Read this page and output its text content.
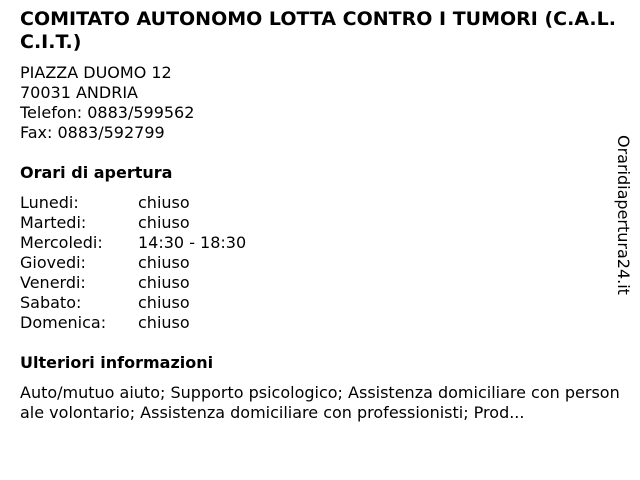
COMITATO AUTONOMO LOTTA CONTRO I TUMORI (C.A.L.C.I.T.)
PIAZZA DUOMO 12
70031 ANDRIA
Telefon: 0883/599562
Fax: 0883/592799
Orari di apertura
Lunedi:	chiuso
Martedi:	chiuso
Mercoledi:	14:30 - 18:30
Giovedi:	chiuso
Venerdi:	chiuso
Sabato:	chiuso
Domenica:	chiuso
Ulteriori informazioni
Auto/mutuo aiuto; Supporto psicologico; Assistenza domiciliare con personale volontario; Assistenza domiciliare con professionisti; Prod...
Oraridiapertura24.it
